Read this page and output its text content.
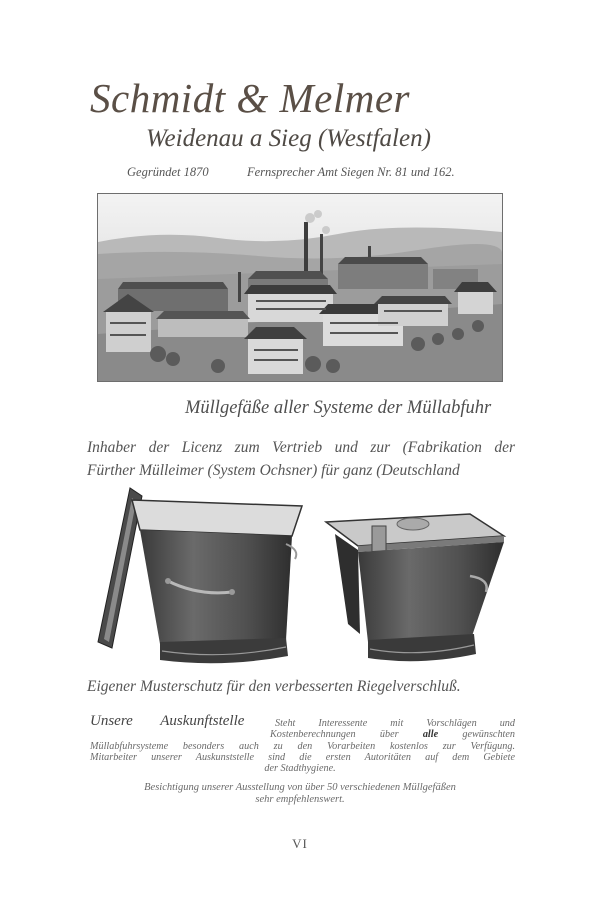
Schmidt & Melmer
Weidenau a Sieg (Westfalen)
Gegründet 1870	Fernsprecher Amt Siegen Nr. 81 und 162.
Müllgefäße aller Systeme der Müllabfuhr
Inhaber der Licenz zum Vertrieb und zur (Fabrikation der
Fürther Mülleimer (System Ochsner) für ganz (Deutschland
Eigener Musterschutz für den verbesserten Riegelverschluß.
Unsere Auskunftstelle	Steht Interessente mit Vorschlägen und
Kostenberechnungen über alle gewünschten
Müllabfuhrsysteme besonders auch zu den Vorarbeiten kostenlos zur Verfügung.
Mitarbeiter unserer Auskunststelle sind die ersten Autoritäten auf dem Gebiete
der Stadthygiene.
Besichtigung unserer Ausstellung von über 50 verschiedenen Müllgefäßen
sehr empfehlenswert.
VI
